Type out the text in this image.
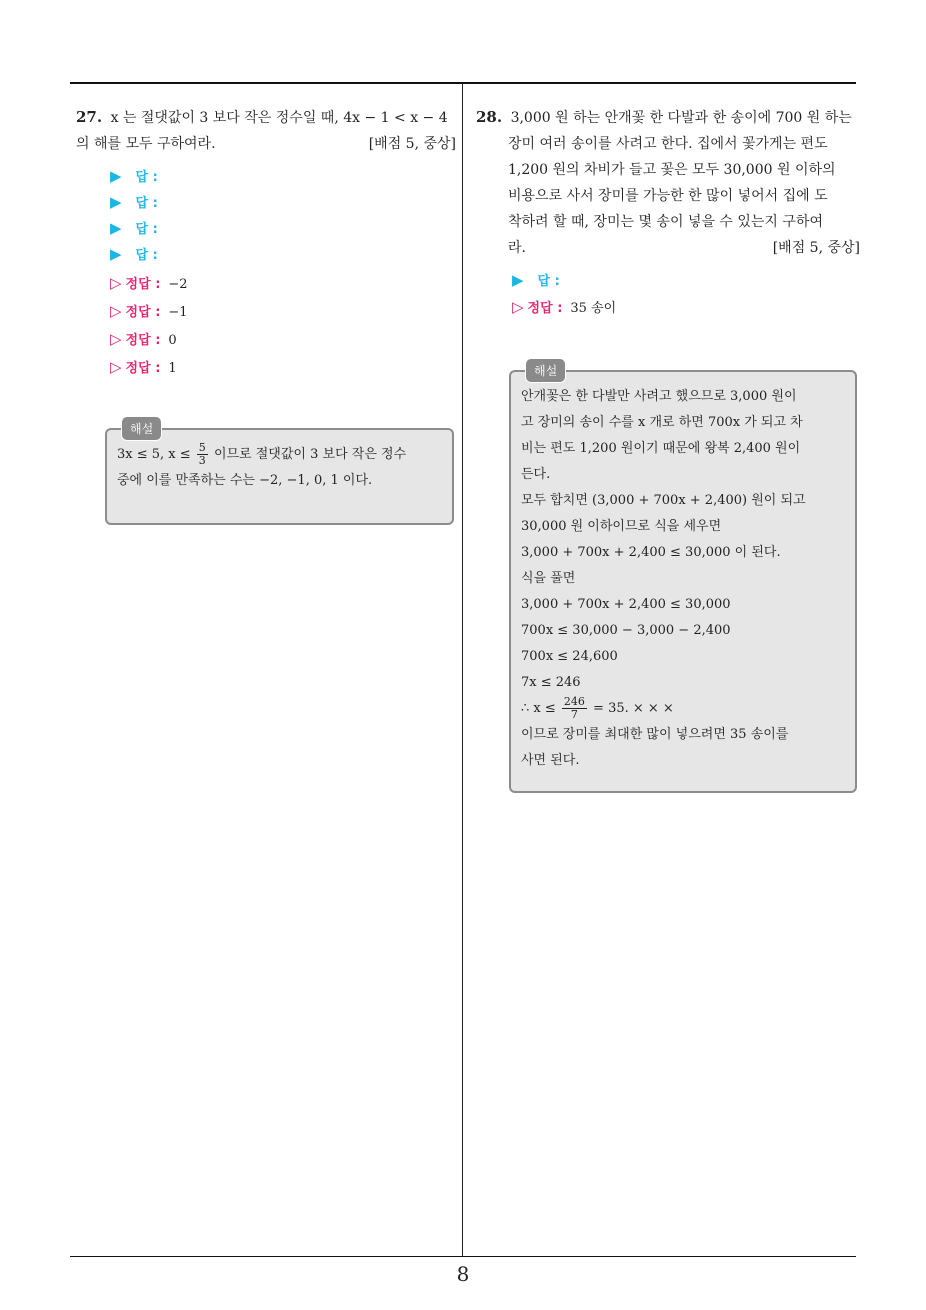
8
27. x 는 절댓값이 3 보다 작은 정수일 때, 4x − 1 < x − 4
의 해를 모두 구하여라.	[배점 5, 중상]
▶ 답 :
▶ 답 :
▶ 답 :
▶ 답 :
▷ 정답 : −2
▷ 정답 : −1
▷ 정답 : 0
▷ 정답 : 1
해설
3x ≤ 5, $x \le \frac{5}{3}$ 이므로 절댓값이 3 보다 작은 정수
중에 이를 만족하는 수는 −2, −1, 0, 1 이다.
28. 3,000 원 하는 안개꽃 한 다발과 한 송이에 700 원 하는
장미 여러 송이를 사려고 한다. 집에서 꽃가게는 편도
1,200 원의 차비가 들고 꽃은 모두 30,000 원 이하의
비용으로 사서 장미를 가능한 한 많이 넣어서 집에 도
착하려 할 때, 장미는 몇 송이 넣을 수 있는지 구하여
라.	[배점 5, 중상]
▶ 답 :
▷ 정답 : 35 송이
해설
안개꽃은 한 다발만 사려고 했으므로 3,000 원이
고 장미의 송이 수를 x 개로 하면 700x 가 되고 차
비는 편도 1,200 원이기 때문에 왕복 2,400 원이
든다.
모두 합치면 (3,000 + 700x + 2,400) 원이 되고
30,000 원 이하이므로 식을 세우면
3,000 + 700x + 2,400 ≤ 30,000 이 된다.
식을 풀면
3,000 + 700x + 2,400 ≤ 30,000
700x ≤ 30,000 − 3,000 − 2,400
700x ≤ 24,600
7x ≤ 246
∴ $x \le \frac{246}{7} = 35$. × × ×
이므로 장미를 최대한 많이 넣으려면 35 송이를
사면 된다.
